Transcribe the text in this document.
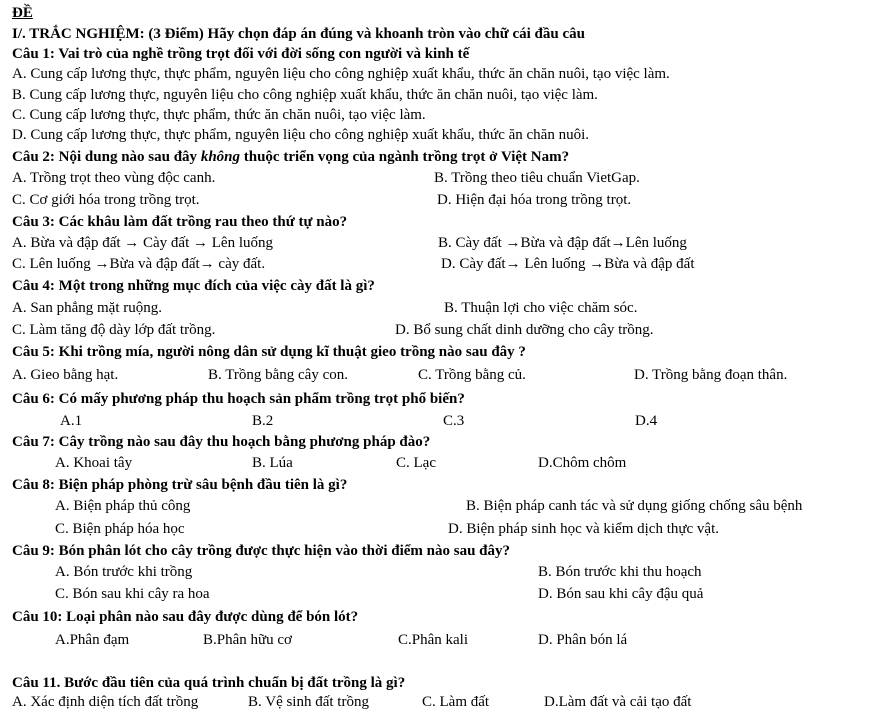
ĐỀ
I/. TRẮC NGHIỆM: (3 Điểm) Hãy chọn đáp án đúng và khoanh tròn vào chữ cái đầu câu
Câu 1: Vai trò của nghề trồng trọt đối với đời sống con người và kinh tế
A. Cung cấp lương thực, thực phẩm, nguyên liệu cho công nghiệp xuất khẩu, thức ăn chăn nuôi, tạo việc làm.
B. Cung cấp lương thực, nguyên liệu cho công nghiệp xuất khẩu, thức ăn chăn nuôi, tạo việc làm.
C. Cung cấp lương thực, thực phẩm, thức ăn chăn nuôi, tạo việc làm.
D. Cung cấp lương thực, thực phẩm, nguyên liệu cho công nghiệp xuất khẩu, thức ăn chăn nuôi.
Câu 2: Nội dung nào sau đây không thuộc triển vọng của ngành trồng trọt ở Việt Nam?
A. Trồng trọt theo vùng độc canh.	B. Trồng theo tiêu chuẩn VietGap.
C. Cơ giới hóa trong trồng trọt.	D. Hiện đại hóa trong trồng trọt.
Câu 3: Các khâu làm đất trồng rau theo thứ tự nào?
A. Bừa và đập đất → Cày đất → Lên luống	B. Cày đất →Bừa và đập đất→Lên luống
C. Lên luống →Bừa và đập đất→ cày đất.	D. Cày đất→ Lên luống →Bừa và đập đất
Câu 4: Một trong những mục đích của việc cày đất là gì?
A. San phẳng mặt ruộng.	B. Thuận lợi cho việc chăm sóc.
C. Làm tăng độ dày lớp đất trồng.	D. Bổ sung chất dinh dưỡng cho cây trồng.
Câu 5: Khi trồng mía, người nông dân sử dụng kĩ thuật gieo trồng nào sau đây ?
A. Gieo bằng hạt.	B. Trồng bằng cây con.	C. Trồng bằng củ.	D. Trồng bằng đoạn thân.
Câu 6: Có mấy phương pháp thu hoạch sản phẩm trồng trọt phổ biến?
A.1	B.2	C.3	D.4
Câu 7: Cây trồng nào sau đây thu hoạch bằng phương pháp đào?
A. Khoai tây	B. Lúa	C. Lạc	D.Chôm chôm
Câu 8: Biện pháp phòng trừ sâu bệnh đầu tiên là gì?
A. Biện pháp thủ công	B. Biện pháp canh tác và sử dụng giống chống sâu bệnh
C. Biện pháp hóa học	D. Biện pháp sinh học và kiểm dịch thực vật.
Câu 9: Bón phân lót cho cây trồng được thực hiện vào thời điểm nào sau đây?
A. Bón trước khi trồng	B. Bón trước khi thu hoạch
C. Bón sau khi cây ra hoa	D. Bón sau khi cây đậu quả
Câu 10: Loại phân nào sau đây được dùng để bón lót?
A.Phân đạm	B.Phân hữu cơ	C.Phân kali	D. Phân bón lá
Câu 11. Bước đầu tiên của quá trình chuẩn bị đất trồng là gì?
A. Xác định diện tích đất trồng	B. Vệ sinh đất trồng	C. Làm đất	D.Làm đất và cải tạo đất
